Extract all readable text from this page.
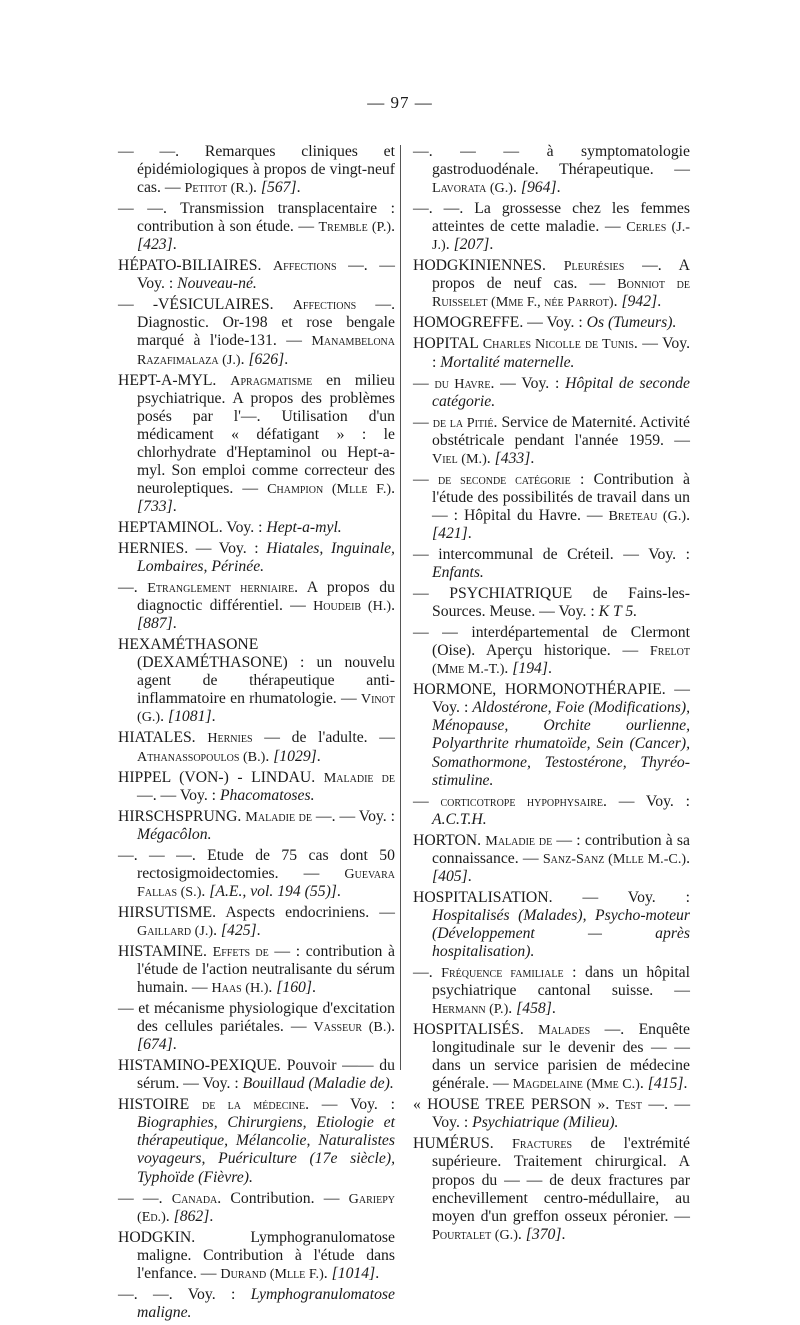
— 97 —

— —. Remarques cliniques et épidémiologiques à propos de vingt-neuf cas. — Petitot (R.). [567].

— —. Transmission transplacentaire : contribution à son étude. — Tremble (P.). [423].

HÉPATO-BILIAIRES. Affections —. — Voy. : Nouveau-né.

— -VÉSICULAIRES. Affections —. Diagnostic. Or-198 et rose bengale marqué à l'iode-131. — Manambelona Razafimalaza (J.). [626].

HEPT-A-MYL. Apragmatisme en milieu psychiatrique. A propos des problèmes posés par l'—. Utilisation d'un médicament « défatigant » : le chlorhydrate d'Heptaminol ou Hept-a-myl. Son emploi comme correcteur des neuroleptiques. — Champion (Mlle F.). [733].

HEPTAMINOL. Voy. : Hept-a-myl.

HERNIES. — Voy. : Hiatales, Inguinale, Lombaires, Périnée.

—. Etranglement herniaire. A propos du diagnoctic différentiel. — Houdeib (H.). [887].

HEXAMÉTHASONE (DEXAMÉTHASONE) : un nouvelu agent de thérapeutique anti-inflammatoire en rhumatologie. — Vinot (G.). [1081].

HIATALES. Hernies — de l'adulte. — Athanassopoulos (B.). [1029].

HIPPEL (VON-) - LINDAU. Maladie de —. — Voy. : Phacomatoses.

HIRSCHSPRUNG. Maladie de —. — Voy. : Mégacôlon.

—. — —. Etude de 75 cas dont 50 rectosigmoidectomies. — Guevara Fallas (S.). [A.E., vol. 194 (55)].

HIRSUTISME. Aspects endocriniens. — Gaillard (J.). [425].

HISTAMINE. Effets de — : contribution à l'étude de l'action neutralisante du sérum humain. — Haas (H.). [160].

— et mécanisme physiologique d'excitation des cellules pariétales. — Vasseur (B.). [674].

HISTAMINO-PEXIQUE. Pouvoir —— du sérum. — Voy. : Bouillaud (Maladie de).

HISTOIRE de la médecine. — Voy. : Biographies, Chirurgiens, Etiologie et thérapeutique, Mélancolie, Naturalistes voyageurs, Puériculture (17e siècle), Typhoïde (Fièvre).

— —. Canada. Contribution. — Gariepy (Ed.). [862].

HODGKIN. Lymphogranulomatose maligne. Contribution à l'étude dans l'enfance. — Durand (Mlle F.). [1014].

—. —. Voy. : Lymphogranulomatose maligne.

—. — — à symptomatologie gastroduodénale. Thérapeutique. — Lavorata (G.). [964].

—. —. La grossesse chez les femmes atteintes de cette maladie. — Cerles (J.-J.). [207].

HODGKINIENNES. Pleurésies —. A propos de neuf cas. — Bonniot de Ruisselet (Mme F., née Parrot). [942].

HOMOGREFFE. — Voy. : Os (Tumeurs).

HOPITAL Charles Nicolle de Tunis. — Voy. : Mortalité maternelle.

— du Havre. — Voy. : Hôpital de seconde catégorie.

— de la Pitié. Service de Maternité. Activité obstétricale pendant l'année 1959. — Viel (M.). [433].

— de seconde catégorie : Contribution à l'étude des possibilités de travail dans un — : Hôpital du Havre. — Breteau (G.). [421].

— intercommunal de Créteil. — Voy. : Enfants.

— PSYCHIATRIQUE de Fains-les-Sources. Meuse. — Voy. : K T 5.

— — interdépartemental de Clermont (Oise). Aperçu historique. — Frelot (Mme M.-T.). [194].

HORMONE, HORMONOTHÉRAPIE. — Voy. : Aldostérone, Foie (Modifications), Ménopause, Orchite ourlienne, Polyarthrite rhumatoïde, Sein (Cancer), Somathormone, Testostérone, Thyréo-stimuline.

— corticotrope hypophysaire. — Voy. : A.C.T.H.

HORTON. Maladie de — : contribution à sa connaissance. — Sanz-Sanz (Mlle M.-C.). [405].

HOSPITALISATION. — Voy. : Hospitalisés (Malades), Psycho-moteur (Développement — après hospitalisation).

—. Fréquence familiale : dans un hôpital psychiatrique cantonal suisse. — Hermann (P.). [458].

HOSPITALISÉS. Malades —. Enquête longitudinale sur le devenir des — — dans un service parisien de médecine générale. — Magdelaine (Mme C.). [415].

« HOUSE TREE PERSON ». Test —. — Voy. : Psychiatrique (Milieu).

HUMÉRUS. Fractures de l'extrémité supérieure. Traitement chirurgical. A propos du — — de deux fractures par enchevillement centro-médullaire, au moyen d'un greffon osseux péronier. — Pourtalet (G.). [370].
